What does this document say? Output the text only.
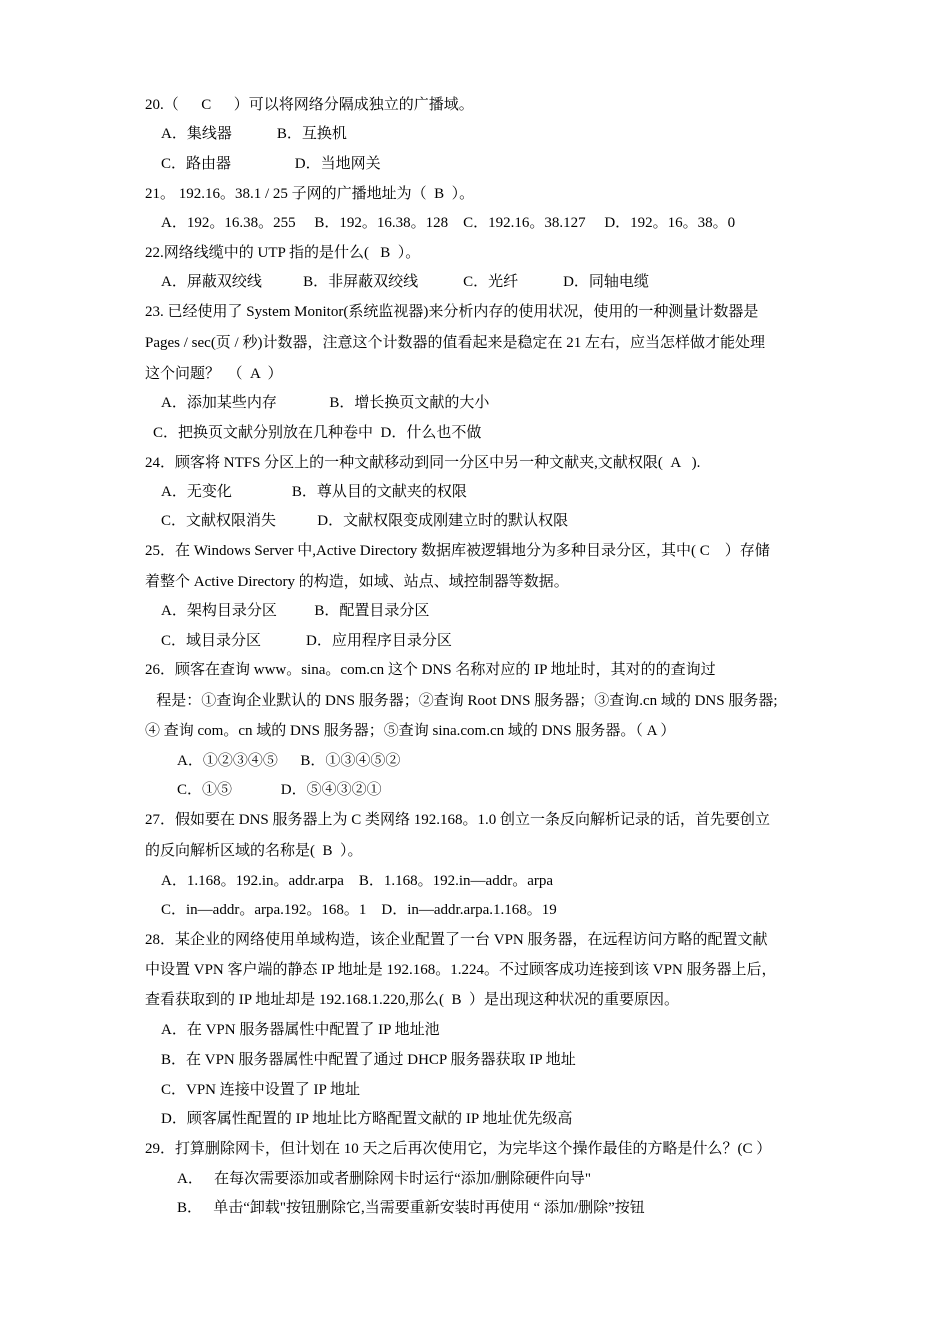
20.（      C      ）可以将网络分隔成独立的广播域。
A．集线器            B．互换机
C．路由器                 D．当地网关
21。 192.16。38.1 / 25 子网的广播地址为（  B  ）。
A．192。16.38。255     B．192。16.38。128    C．192.16。38.127     D．192。16。38。0
22.网络线缆中的 UTP 指的是什么(   B  ）。
A．屏蔽双绞线           B．非屏蔽双绞线            C．光纤            D．同轴电缆
23. 已经使用了 System Monitor(系统监视器)来分析内存的使用状况，使用的一种测量计数器是
Pages / sec(页 / 秒)计数器，注意这个计数器的值看起来是稳定在 21 左右，应当怎样做才能处理
这个问题？  （  A  ）
A．添加某些内存              B．增长换页文献的大小
C．把换页文献分别放在几种卷中  D．什么也不做
24．顾客将 NTFS 分区上的一种文献移动到同一分区中另一种文献夹,文献权限(  A   ).
A．无变化                B．尊从目的文献夹的权限
C．文献权限消失           D．文献权限变成刚建立时的默认权限
25．在 Windows Server 中,Active Directory 数据库被逻辑地分为多种目录分区，其中( C    ）存储
着整个 Active Directory 的构造，如域、站点、域控制器等数据。
A．架构目录分区          B．配置目录分区
C．域目录分区            D．应用程序目录分区
26．顾客在查询 www。sina。com.cn 这个 DNS 名称对应的 IP 地址时，其对的的查询过
程是：①查询企业默认的 DNS 服务器；②查询 Root DNS 服务器；③查询.cn 域的 DNS 服务器;
④ 查询 com。cn 域的 DNS 服务器；⑤查询 sina.com.cn 域的 DNS 服务器。（ A ）
A．①②③④⑤      B．①③④⑤②
C．①⑤             D．⑤④③②①
27．假如要在 DNS 服务器上为 C 类网络 192.168。1.0 创立一条反向解析记录的话，首先要创立
的反向解析区域的名称是(  B  ）。
A．1.168。192.in。addr.arpa    B．1.168。192.in—addr。arpa
C．in—addr。arpa.192。168。1    D．in—addr.arpa.1.168。19
28．某企业的网络使用单域构造，该企业配置了一台 VPN 服务器，在远程访问方略的配置文献
中设置 VPN 客户端的静态 IP 地址是 192.168。1.224。不过顾客成功连接到该 VPN 服务器上后，
查看获取到的 IP 地址却是 192.168.1.220,那么(  B  ）是出现这种状况的重要原因。
A．在 VPN 服务器属性中配置了 IP 地址池
B．在 VPN 服务器属性中配置了通过 DHCP 服务器获取 IP 地址
C．VPN 连接中设置了 IP 地址
D．顾客属性配置的 IP 地址比方略配置文献的 IP 地址优先级高
29．打算删除网卡，但计划在 10 天之后再次使用它，为完毕这个操作最佳的方略是什么？(C ）
A．   在每次需要添加或者删除网卡时运行“添加/删除硬件向导"
B．   单击“卸载"按钮删除它,当需要重新安装时再使用 “ 添加/删除”按钮
